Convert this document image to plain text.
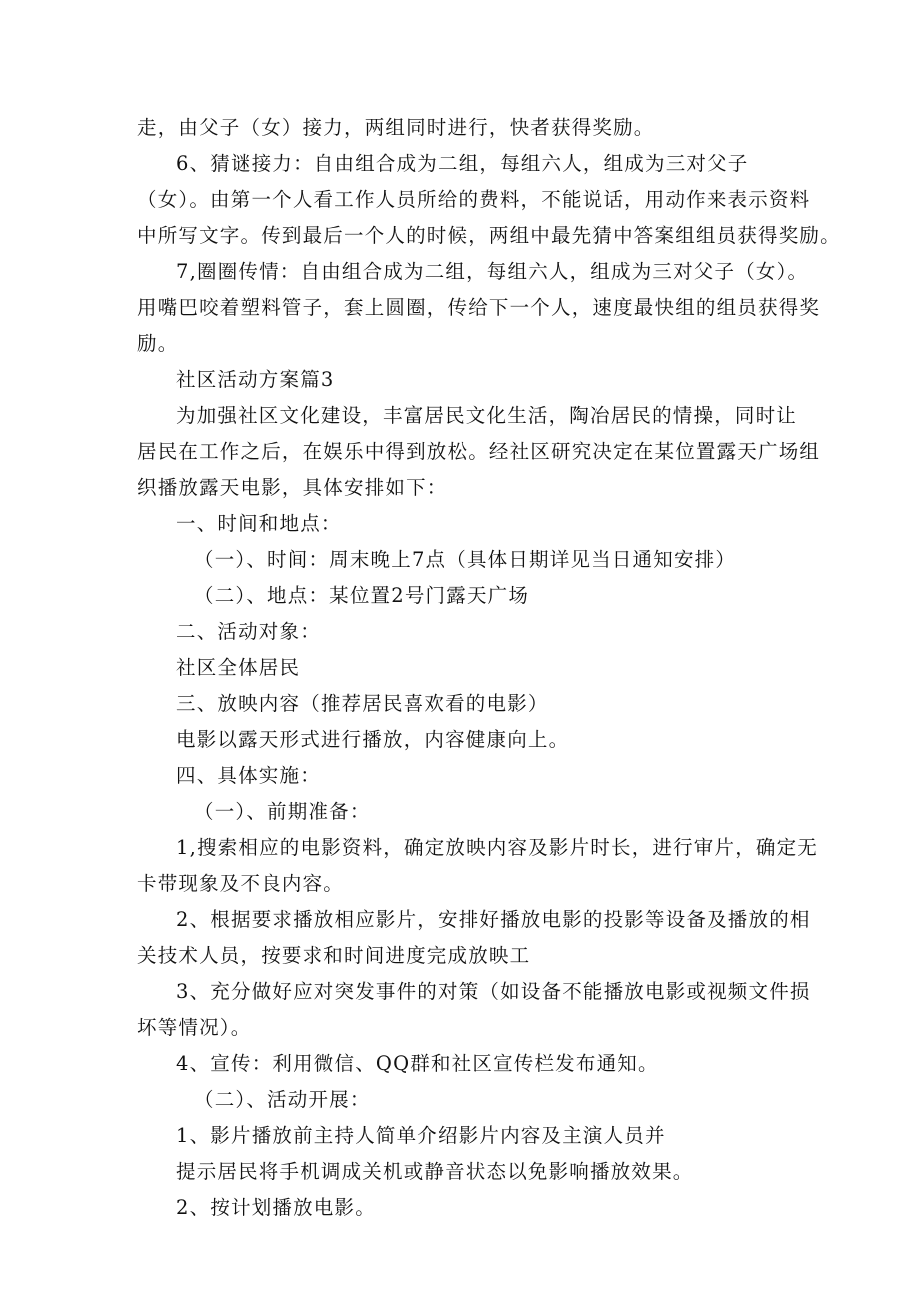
走，由父子（女）接力，两组同时进行，快者获得奖励。
6、猜谜接力：自由组合成为二组，每组六人，组成为三对父子
（女）。由第一个人看工作人员所给的费料，不能说话，用动作来表示资料
中所写文字。传到最后一个人的时候，两组中最先猜中答案组组员获得奖励。
7,圈圈传情：自由组合成为二组，每组六人，组成为三对父子（女）。
用嘴巴咬着塑料管子，套上圆圈，传给下一个人，速度最快组的组员获得奖
励。
社区活动方案篇3
为加强社区文化建设，丰富居民文化生活，陶冶居民的情操，同时让
居民在工作之后，在娱乐中得到放松。经社区研究决定在某位置露天广场组
织播放露天电影，具体安排如下：
一、时间和地点：
（一）、时间：周末晚上7点（具体日期详见当日通知安排）
（二）、地点：某位置2号门露天广场
二、活动对象：
社区全体居民
三、放映内容（推荐居民喜欢看的电影）
电影以露天形式进行播放，内容健康向上。
四、具体实施：
（一）、前期准备：
1,搜索相应的电影资料，确定放映内容及影片时长，进行审片，确定无
卡带现象及不良内容。
2、根据要求播放相应影片，安排好播放电影的投影等设备及播放的相
关技术人员，按要求和时间进度完成放映工
3、充分做好应对突发事件的对策（如设备不能播放电影或视频文件损
坏等情况）。
4、宣传：利用微信、QQ群和社区宣传栏发布通知。
（二）、活动开展：
1、影片播放前主持人简单介绍影片内容及主演人员并
提示居民将手机调成关机或静音状态以免影响播放效果。
2、按计划播放电影。
